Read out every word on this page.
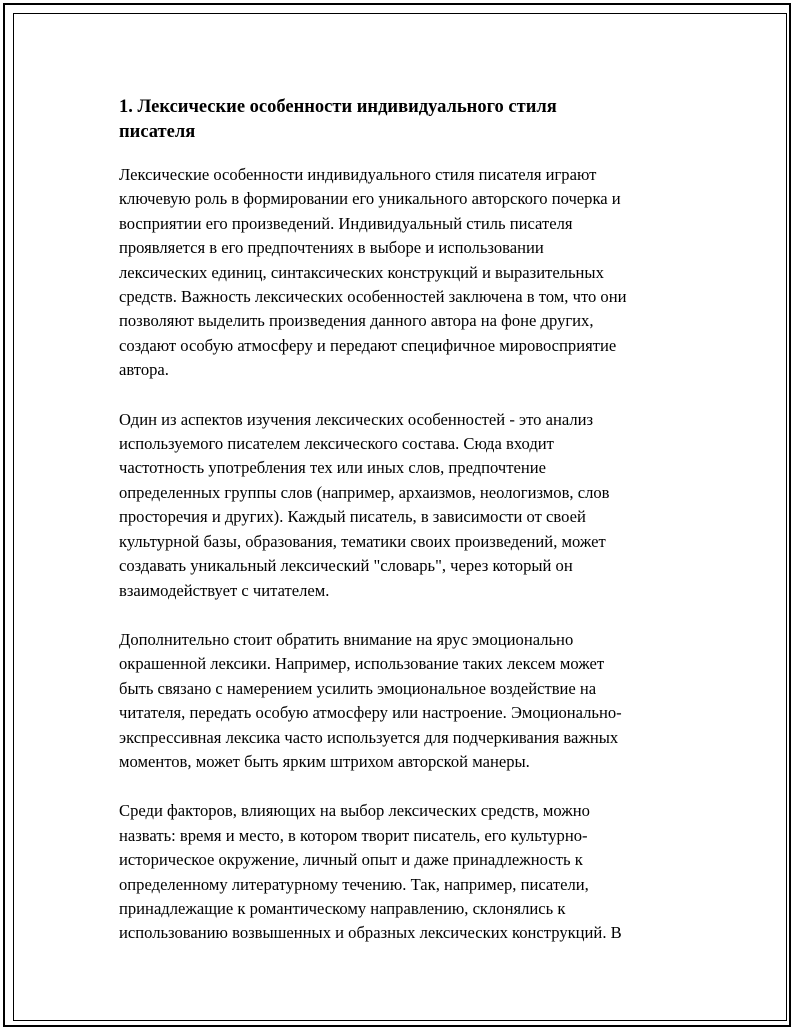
1. Лексические особенности индивидуального стиля
писателя

Лексические особенности индивидуального стиля писателя играют
ключевую роль в формировании его уникального авторского почерка и
восприятии его произведений. Индивидуальный стиль писателя
проявляется в его предпочтениях в выборе и использовании
лексических единиц, синтаксических конструкций и выразительных
средств. Важность лексических особенностей заключена в том, что они
позволяют выделить произведения данного автора на фоне других,
создают особую атмосферу и передают специфичное мировосприятие
автора.

Один из аспектов изучения лексических особенностей - это анализ
используемого писателем лексического состава. Сюда входит
частотность употребления тех или иных слов, предпочтение
определенных группы слов (например, архаизмов, неологизмов, слов
просторечия и других). Каждый писатель, в зависимости от своей
культурной базы, образования, тематики своих произведений, может
создавать уникальный лексический "словарь", через который он
взаимодействует с читателем.

Дополнительно стоит обратить внимание на ярус эмоционально
окрашенной лексики. Например, использование таких лексем может
быть связано с намерением усилить эмоциональное воздействие на
читателя, передать особую атмосферу или настроение. Эмоционально-
экспрессивная лексика часто используется для подчеркивания важных
моментов, может быть ярким штрихом авторской манеры.

Среди факторов, влияющих на выбор лексических средств, можно
назвать: время и место, в котором творит писатель, его культурно-
историческое окружение, личный опыт и даже принадлежность к
определенному литературному течению. Так, например, писатели,
принадлежащие к романтическому направлению, склонялись к
использованию возвышенных и образных лексических конструкций. В
